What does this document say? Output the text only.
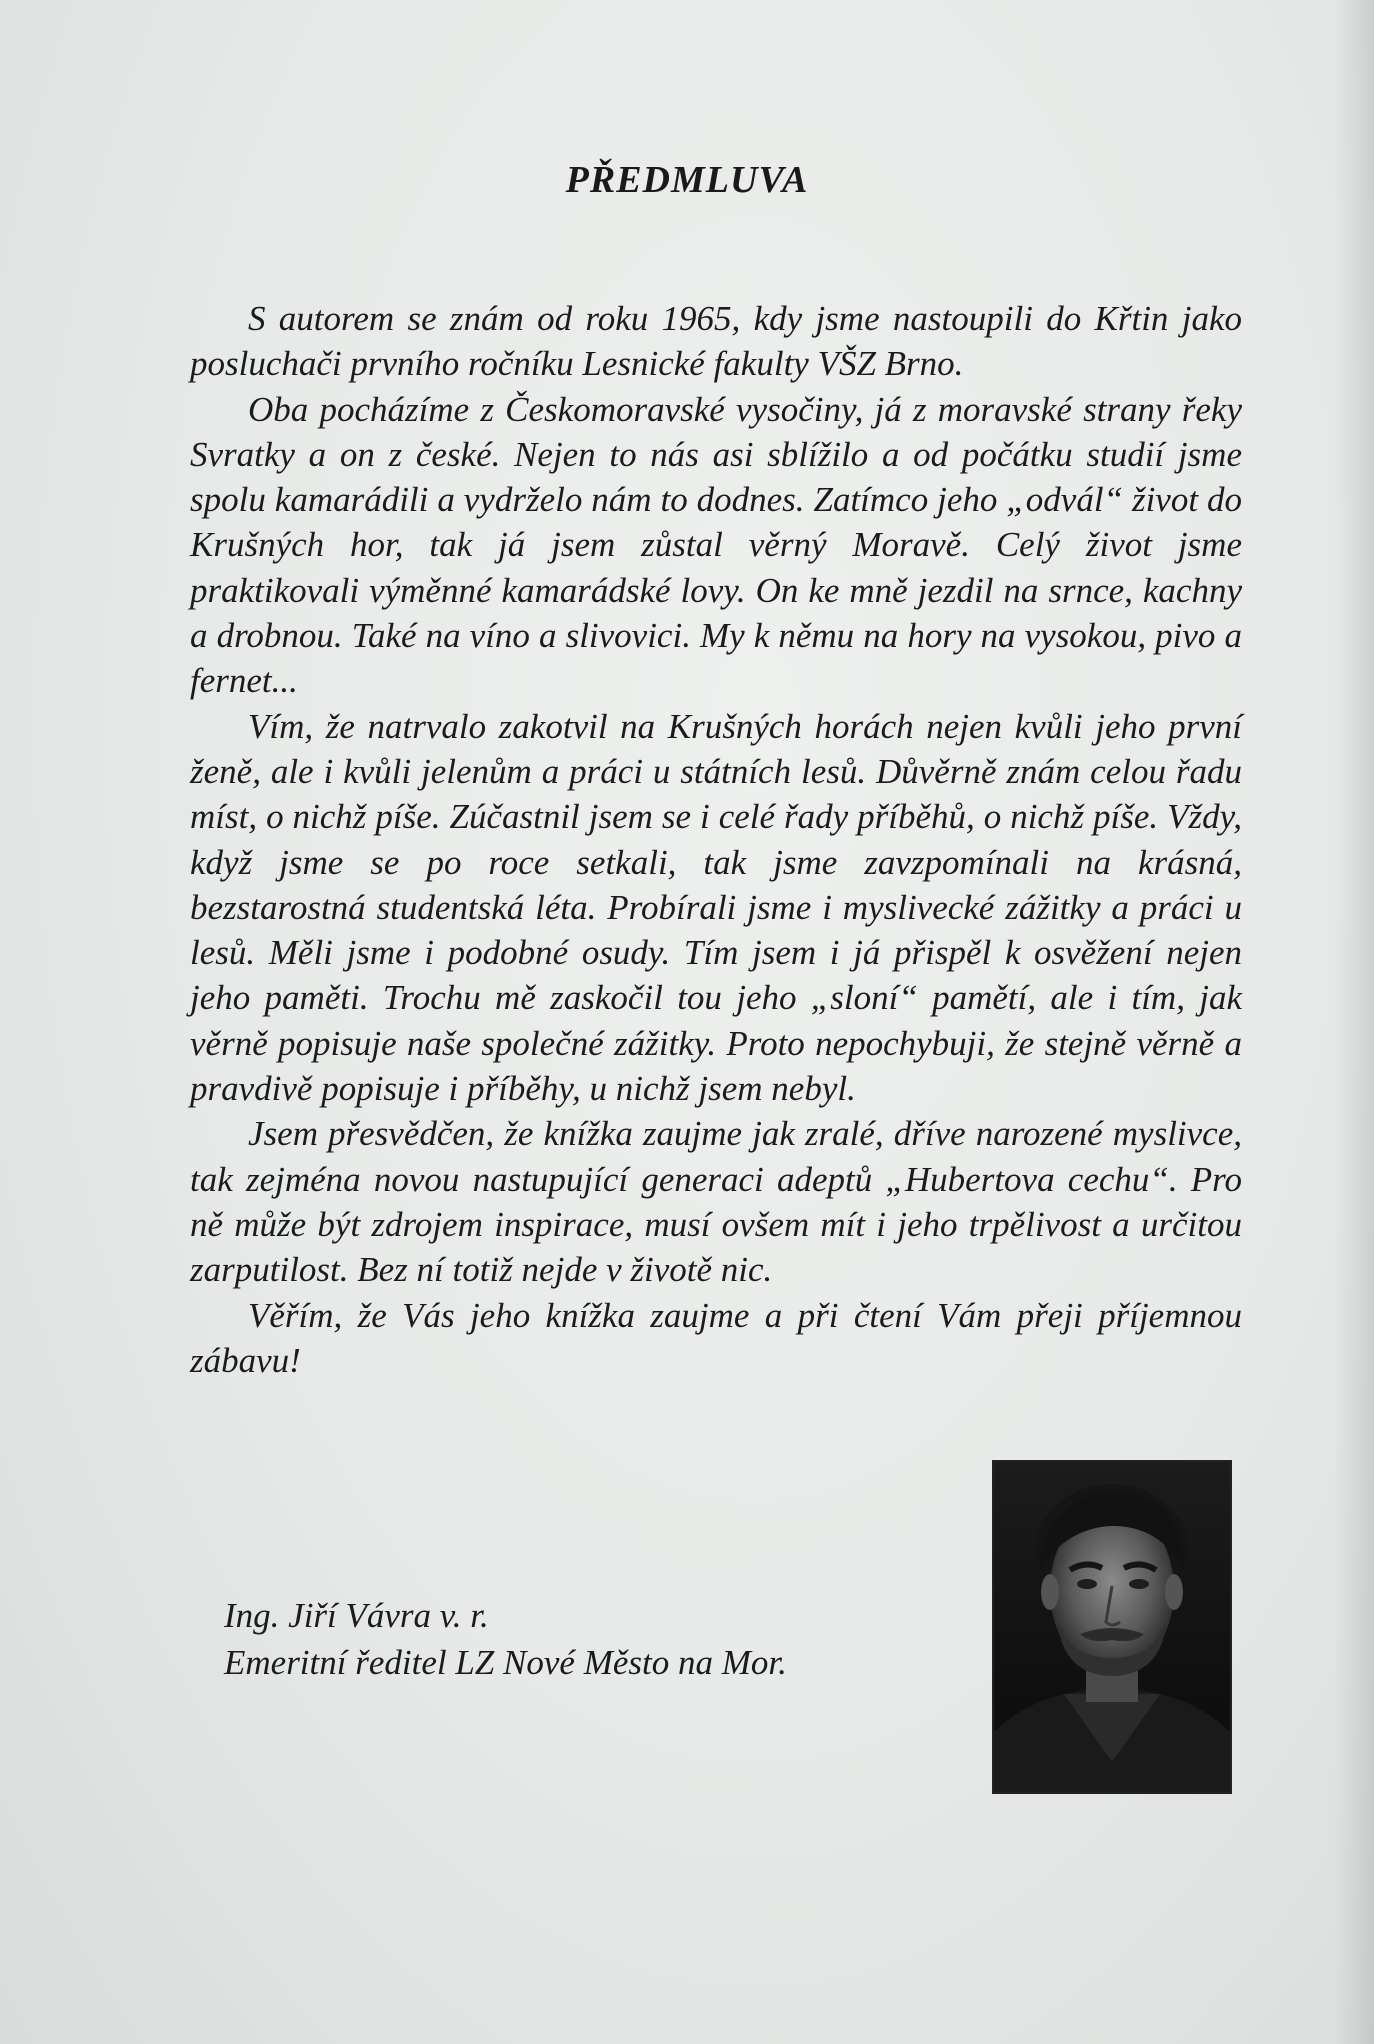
PŘEDMLUVA

S autorem se znám od roku 1965, kdy jsme nastoupili do Křtin jako posluchači prvního ročníku Lesnické fakulty VŠZ Brno.

Oba pocházíme z Českomoravské vysočiny, já z moravské strany řeky Svratky a on z české. Nejen to nás asi sblížilo a od počátku studií jsme spolu kamarádili a vydrželo nám to dodnes. Zatímco jeho „odvál“ život do Krušných hor, tak já jsem zůstal věrný Moravě. Celý život jsme praktikovali výměnné kamarádské lovy. On ke mně jezdil na srnce, kachny a drobnou. Také na víno a slivovici. My k němu na hory na vysokou, pivo a fernet...

Vím, že natrvalo zakotvil na Krušných horách nejen kvůli jeho první ženě, ale i kvůli jelenům a práci u státních lesů. Důvěrně znám celou řadu míst, o nichž píše. Zúčastnil jsem se i celé řady příběhů, o nichž píše. Vždy, když jsme se po roce setkali, tak jsme zavzpomínali na krásná, bezstarostná studentská léta. Probírali jsme i myslivecké zážitky a práci u lesů. Měli jsme i podobné osudy. Tím jsem i já přispěl k osvěžení nejen jeho paměti. Trochu mě zaskočil tou jeho „sloní“ pamětí, ale i tím, jak věrně popisuje naše společné zážitky. Proto nepochybuji, že stejně věrně a pravdivě popisuje i příběhy, u nichž jsem nebyl.

Jsem přesvědčen, že knížka zaujme jak zralé, dříve narozené myslivce, tak zejména novou nastupující generaci adeptů „Hubertova cechu“. Pro ně může být zdrojem inspirace, musí ovšem mít i jeho trpělivost a určitou zarputilost. Bez ní totiž nejde v životě nic.

Věřím, že Vás jeho knížka zaujme a při čtení Vám přeji příjemnou zábavu!

Ing. Jiří Vávra v. r.
Emeritní ředitel LZ Nové Město na Mor.
